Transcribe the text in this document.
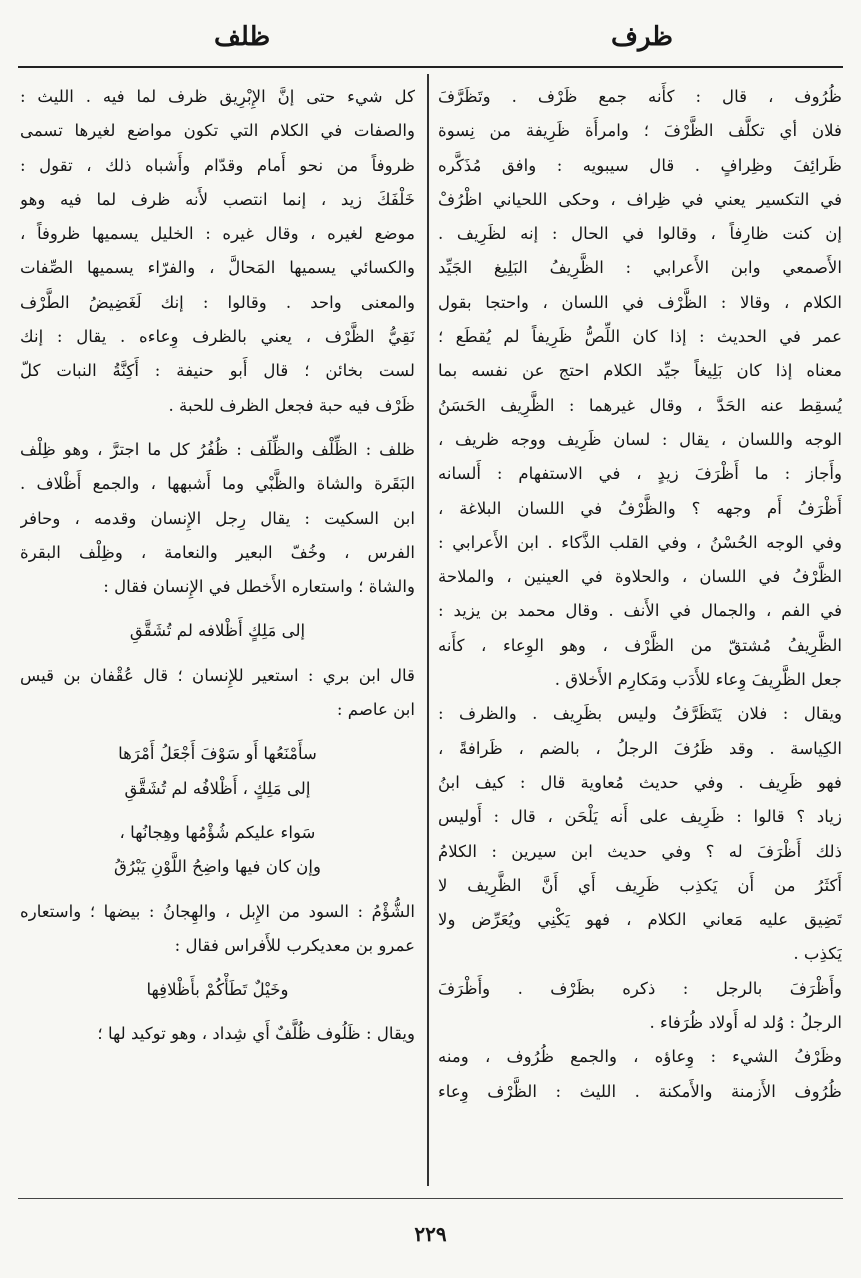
ظرف
ظلف
ظُرُوف ، قال : كأَنه جمع ظَرْف . وتَظَرَّفَ
فلان أي تكلَّف الظَّرْفَ ؛ وامرأَة ظَرِيفة من نِسوة
ظَرائِفَ وظِرافٍ . قال سيبويه : وافق مُذَكَّره
في التكسير يعني في ظِراف ، وحكى اللحياني اظْرُفْ
إن كنت ظارِفاً ، وقالوا في الحال : إنه لظَرِيف .
الأَصمعي وابن الأَعرابي : الظَّرِيفُ البَلِيغ الجَيِّد
الكلام ، وقالا : الظَّرْف في اللسان ، واحتجا بقول
عمر في الحديث : إذا كان اللِّصُّ ظَرِيفاً لم يُقطَع ؛
معناه إذا كان بَلِيغاً جيِّد الكلام احتج عن نفسه بما
يُسقِط عنه الحَدَّ ، وقال غيرهما : الظَّرِيف الحَسَنُ
الوجه واللسان ، يقال : لسان ظَرِيف ووجه ظريف ،
وأَجاز : ما أَظْرَفَ زيدٍ ، في الاستفهام : أَلسانه
أَظْرَفُ أَم وجهه ؟ والظَّرْفُ في اللسان البلاغة ،
وفي الوجه الحُسْنُ ، وفي القلب الذَّكاء . ابن الأَعرابي :
الظَّرْفُ في اللسان ، والحلاوة في العينين ، والملاحة
في الفم ، والجمال في الأَنف . وقال محمد بن يزيد :
الظَّرِيفُ مُشتقّ من الظَّرْف ، وهو الوِعاء ، كأَنه
جعل الظَّرِيفَ وِعاء للأَدَب ومَكارِم الأَخلاق .
ويقال : فلان يَتَظَرَّفُ وليس بظَرِيف . والظرف :
الكِياسة . وقد ظَرُفَ الرجلُ ، بالضم ، ظَرافةً ،
فهو ظَرِيف . وفي حديث مُعاوية قال : كيف ابنُ
زياد ؟ قالوا : ظَرِيف على أَنه يَلْحَن ، قال : أَوليس
ذلك أَظْرَفَ له ؟ وفي حديث ابن سيرين : الكلامُ
أَكثَرُ من أَن يَكذِب ظَرِيف أَي أَنَّ الظَّرِيف لا
تَضِيق عليه مَعاني الكلام ، فهو يَكْنِي ويُعَرِّض ولا
يَكذِب .
وأَظْرَفَ بالرجل : ذكره بظَرْف . وأَظْرَفَ
الرجلُ : وُلد له أَولاد ظُرَفاء .
وظَرْفُ الشيء : وِعاؤه ، والجمع ظُرُوف ، ومنه
ظُرُوف الأَزمنة والأَمكنة . الليث : الظَّرْف وِعاء
كل شيء حتى إنَّ الإِبْرِيق ظرف لما فيه . الليث :
والصفات في الكلام التي تكون مواضع لغيرها تسمى
ظروفاً من نحو أَمام وقدّام وأَشباه ذلك ، تقول :
خَلْفَكَ زيد ، إنما انتصب لأَنه ظرف لما فيه وهو
موضع لغيره ، وقال غيره : الخليل يسميها ظروفاً ،
والكسائي يسميها المَحالَّ ، والفرّاء يسميها الصِّفات
والمعنى واحد . وقالوا : إنك لَغَضِيضُ الطَّرْف
نَقِيُّ الظَّرْف ، يعني بالظرف وِعاءه . يقال : إنك
لست بخائن ؛ قال أَبو حنيفة : أَكِنَّةُ النبات كلّ
ظَرْف فيه حبة فجعل الظرف للحبة .
ظلف : الظِّلْف والظِّلَف : ظُفُرُ كل ما اجترَّ ، وهو ظِلْف
البَقَرة والشاة والظَّبْي وما أَشبهها ، والجمع أَظْلاف .
ابن السكيت : يقال رِجل الإِنسان وقدمه ، وحافر
الفرس ، وخُفّ البعير والنعامة ، وظِلْف البقرة
والشاة ؛ واستعاره الأَخطل في الإِنسان فقال :
إلى مَلِكٍ أَظْلافه لم تُشَقَّقِ
قال ابن بري : استعير للإِنسان ؛ قال عُقْفان بن قيس
ابن عاصم :
سأَمْنَعُها أَو سَوْفَ أَجْعَلُ أَمْرَها
إلى مَلِكٍ ، أَظْلافُه لم تُشَقَّقِ
سَواء عليكم شُؤْمُها وهِجانُها ،
وإن كان فيها واضِحُ اللَّوْنِ يَبْرُقُ
الشُّؤْمُ : السود من الإِبل ، والهِجانُ : بيضها ؛ واستعاره
عمرو بن معديكرب للأَفراس فقال :
وخَيْلٌ تَطَأْكُمْ بأَظْلافِها
ويقال : ظَلُوف ظُلَّفٌ أَي شِداد ، وهو توكيد لها ؛
٢٢٩
